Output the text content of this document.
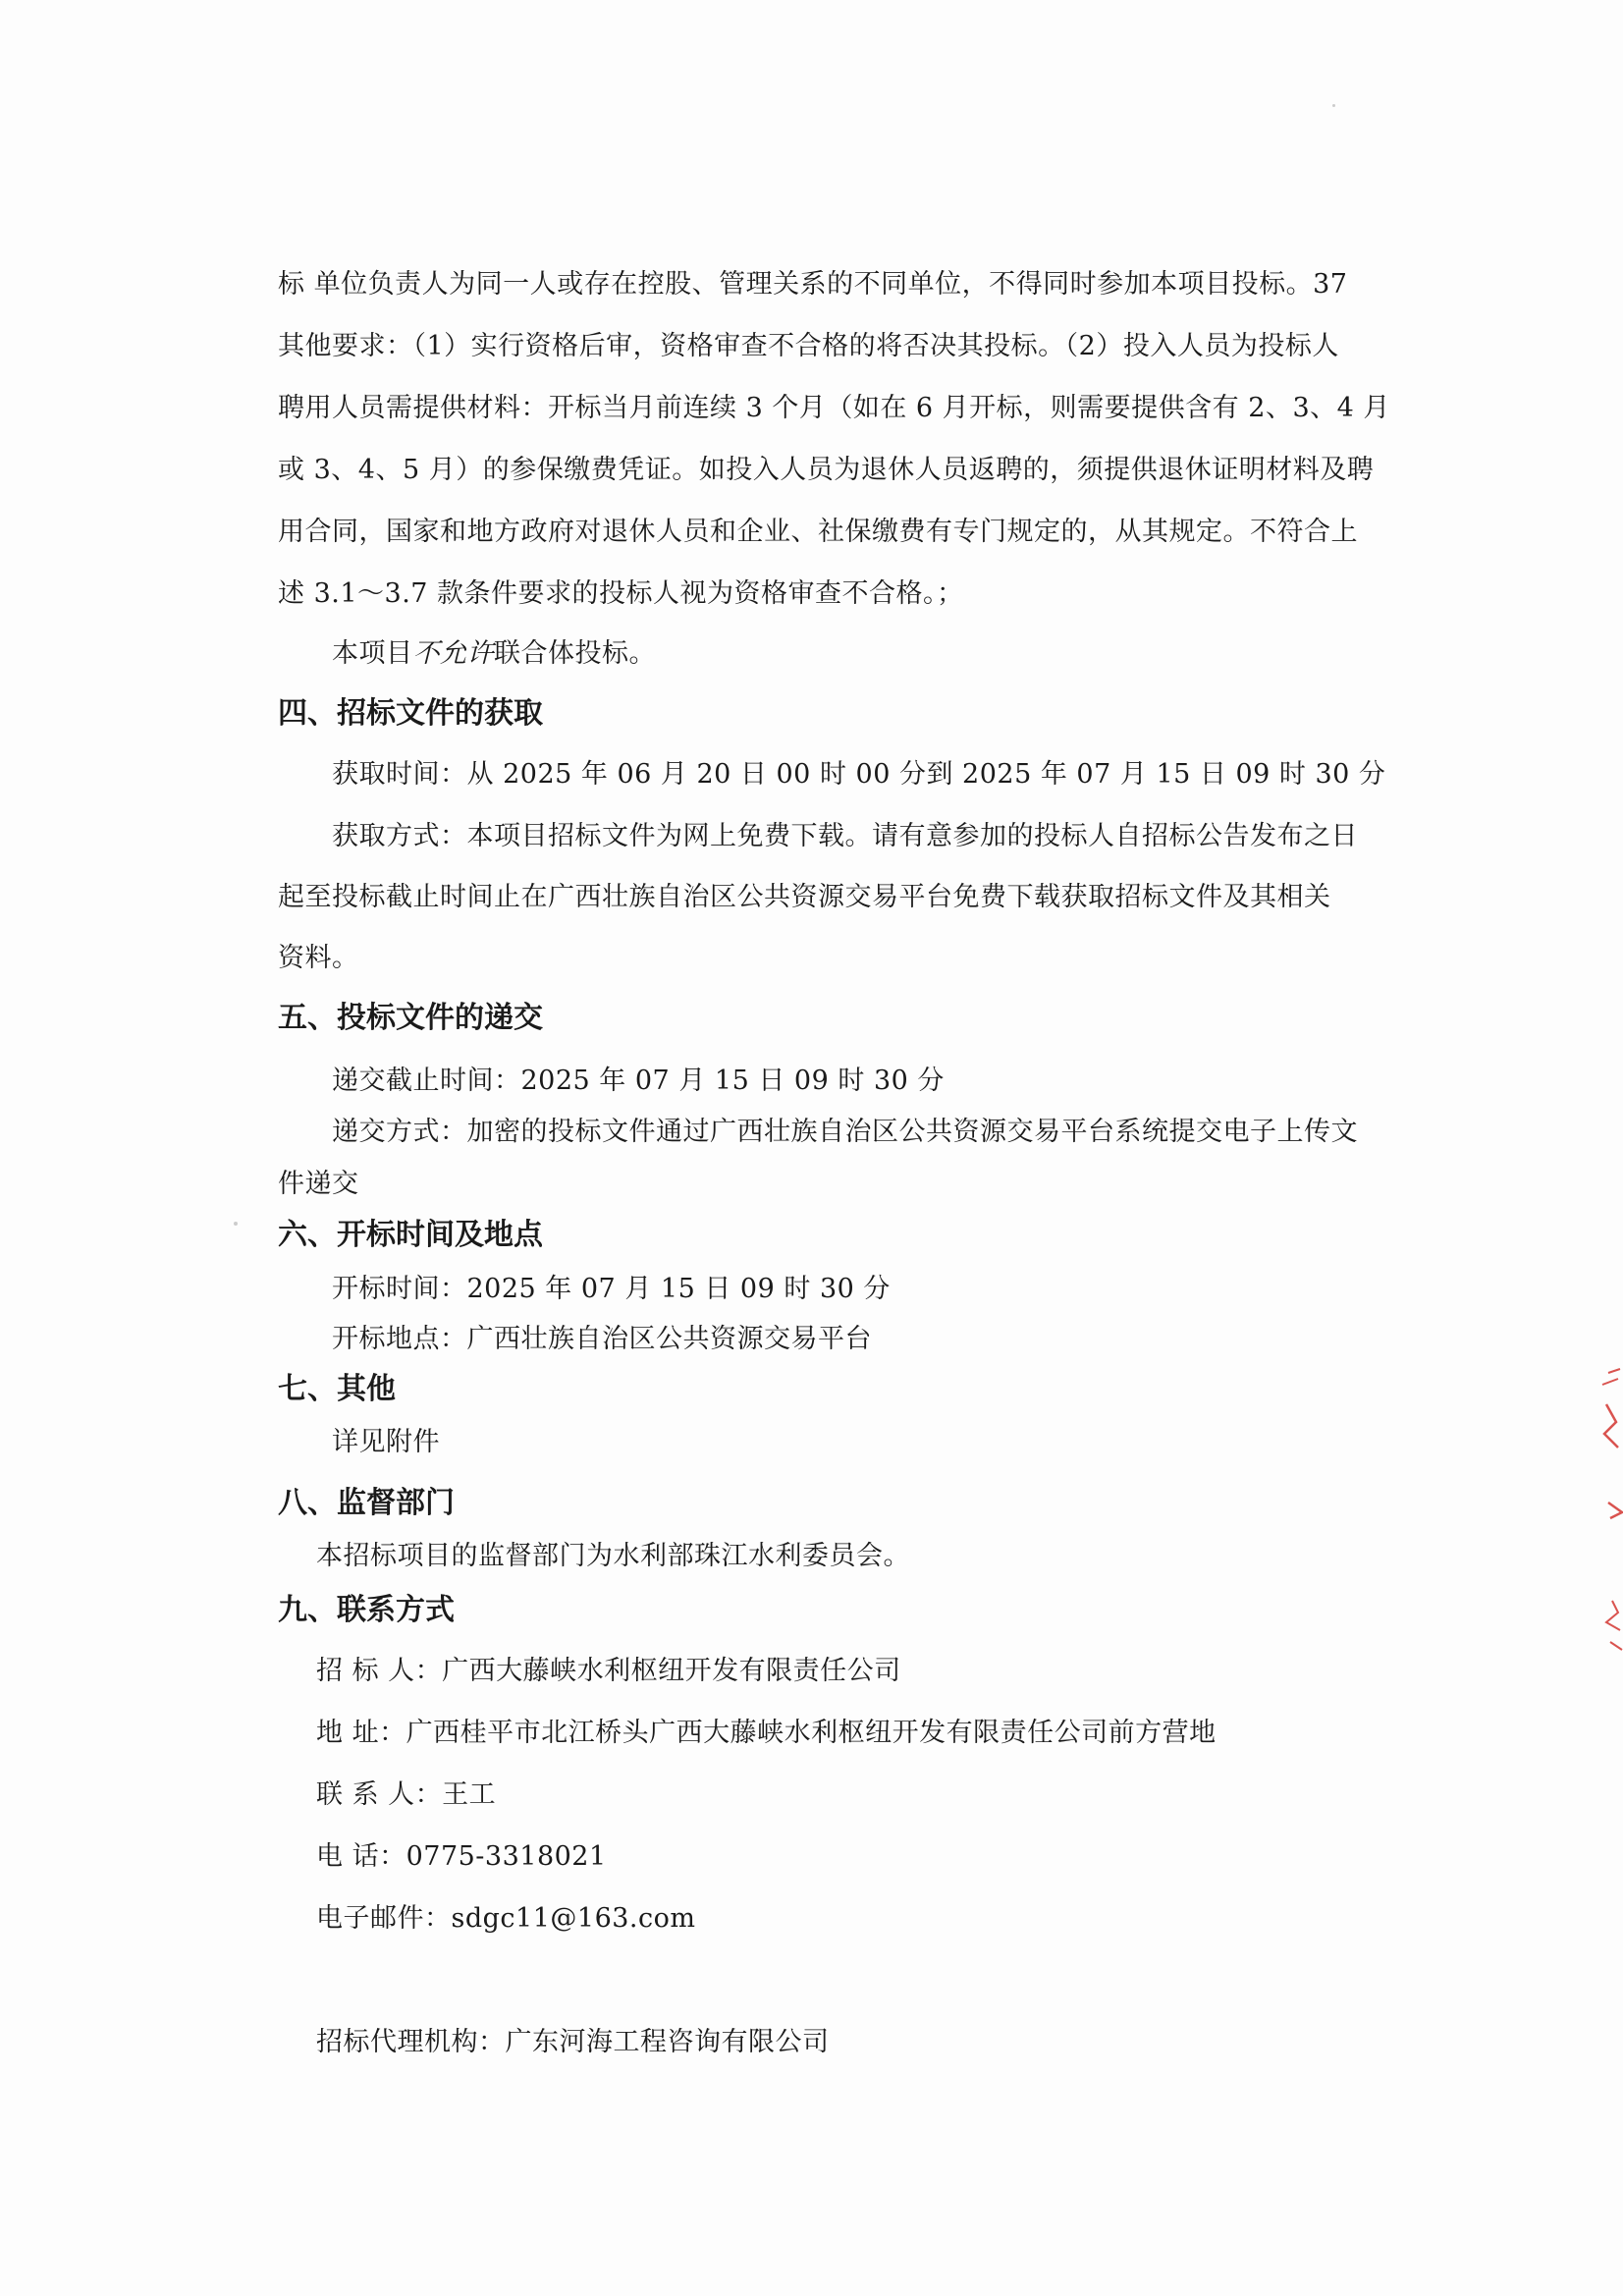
标 单位负责人为同一人或存在控股、管理关系的不同单位，不得同时参加本项目投标。37
其他要求：（1）实行资格后审，资格审查不合格的将否决其投标。（2）投入人员为投标人
聘用人员需提供材料：开标当月前连续 3 个月（如在 6 月开标，则需要提供含有 2、3、4 月
或 3、4、5 月）的参保缴费凭证。如投入人员为退休人员返聘的，须提供退休证明材料及聘
用合同，国家和地方政府对退休人员和企业、社保缴费有专门规定的，从其规定。不符合上
述 3.1～3.7 款条件要求的投标人视为资格审查不合格。；
本项目不允许联合体投标。
四、招标文件的获取
获取时间：从 2025 年 06 月 20 日 00 时 00 分到 2025 年 07 月 15 日 09 时 30 分
获取方式：本项目招标文件为网上免费下载。请有意参加的投标人自招标公告发布之日
起至投标截止时间止在广西壮族自治区公共资源交易平台免费下载获取招标文件及其相关
资料。
五、投标文件的递交
递交截止时间：2025 年 07 月 15 日 09 时 30 分
递交方式：加密的投标文件通过广西壮族自治区公共资源交易平台系统提交电子上传文
件递交
六、开标时间及地点
开标时间：2025 年 07 月 15 日 09 时 30 分
开标地点：广西壮族自治区公共资源交易平台
七、其他
详见附件
八、监督部门
本招标项目的监督部门为水利部珠江水利委员会。
九、联系方式
招 标 人：广西大藤峡水利枢纽开发有限责任公司
地 址：广西桂平市北江桥头广西大藤峡水利枢纽开发有限责任公司前方营地
联 系 人：王工
电 话：0775-3318021
电子邮件：sdgc11@163.com
招标代理机构：广东河海工程咨询有限公司
